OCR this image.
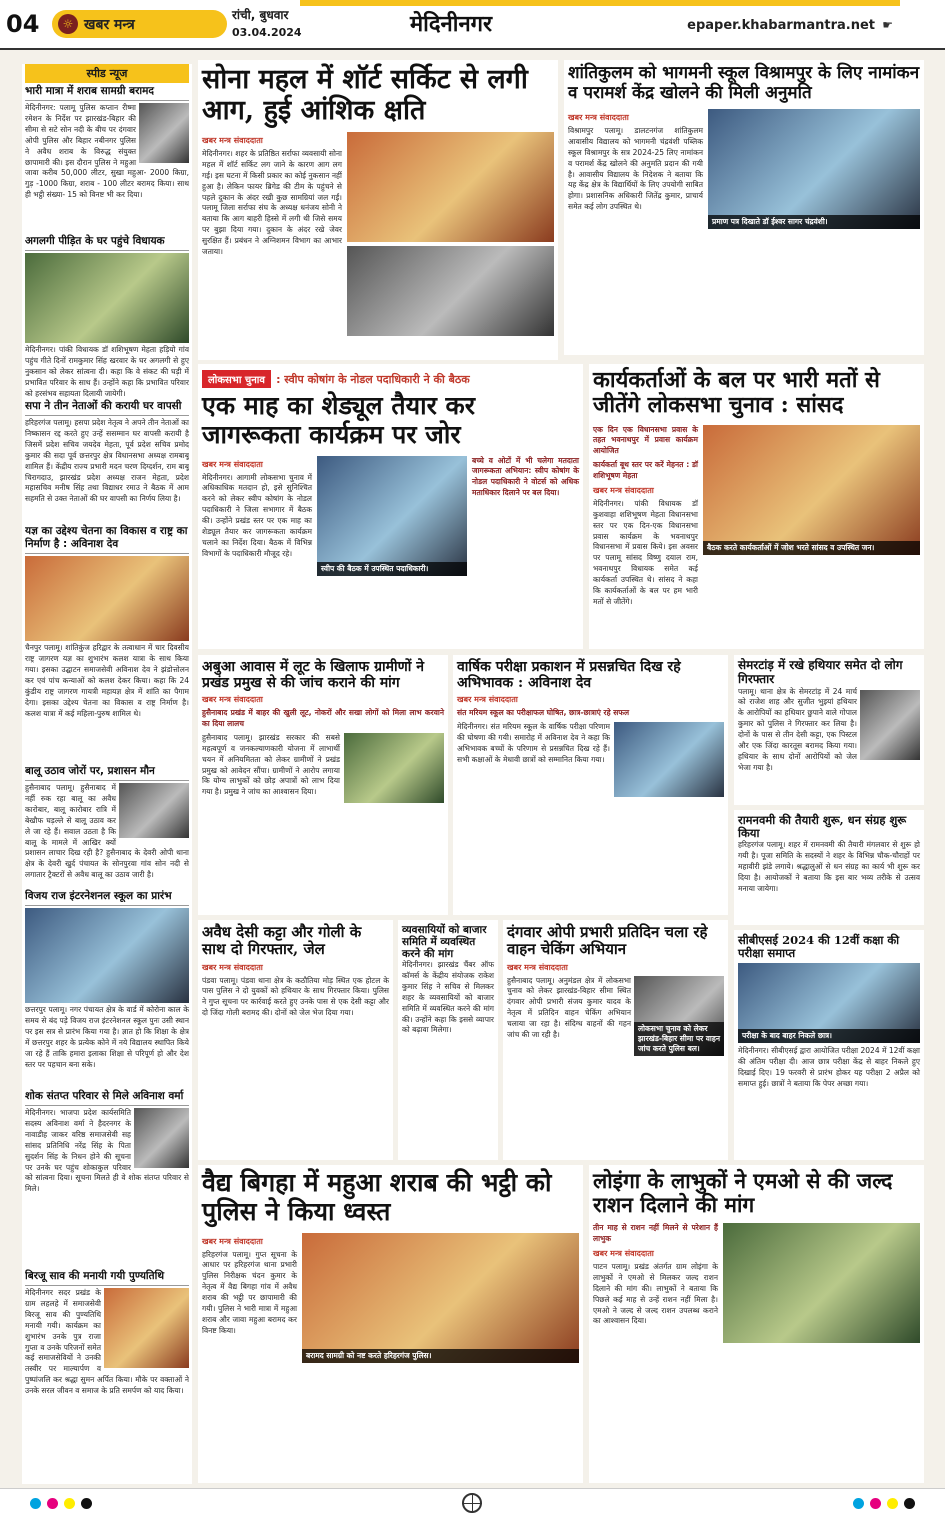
04	☼ खबर मन्त्र
रांची, बुधवार
03.04.2024	मेदिनीनगर	epaper.khabarmantra.net ☛
स्पीड न्यूज
भारी मात्रा में शराब सामग्री बरामद
मेदिनीनगर: पलामू पुलिस कप्तान रीष्मा रमेशन के निर्देश पर झारखंड-बिहार की सीमा से सटे सोन नदी के बीच पर दंगवार ओपी पुलिस और बिहार नबीनगर पुलिस ने अवैध शराब के विरुद्ध संयुक्त छापामारी की। इस दौरान पुलिस ने महुआ जावा करीब 50,000 लीटर, सुखा महुआ- 2000 किग्रा, गुड़ -1000 किग्रा, शराब - 100 लीटर बरामद किया। साथ ही भट्ठी संख्या- 15 को विनष्ट भी कर दिया।
अगलगी पीड़ित के घर पहुंचे विधायक
मेदिनीनगर। पांकी विधायक डॉ शशिभूषण मेहता हड़ियो गांव पहुंच गीते दिनों रामकुमार सिंह खरवार के घर अगलगी से हुए नुकसान को लेकर सांत्वना दी। कहा कि वे संकट की घड़ी में प्रभावित परिवार के साथ हैं। उन्होंने कहा कि प्रभावित परिवार को हरसंभव सहायता दिलायी जायेगी।
सपा ने तीन नेताओं की करायी घर वापसी
हरिहरगंज पलामू। हसपा प्रदेश नेतृत्व ने अपने तीन नेताओं का निष्कासन रद्द करते हुए उन्हें ससम्मान घर वापसी करायी है जिसमें प्रदेश सचिव जयदेव मेहता, पूर्व प्रदेश सचिव प्रमोद कुमार की सदा पूर्व छत्तरपुर क्षेत्र विधानसभा अध्यक्ष रामबाबू शामिल हैं। केंद्रीय राज्य प्रभारी मदन चरण दिग्दर्शन, राम बाबू चिरागदाउ, झारखंड प्रदेश अध्यक्ष राजन मेहता, प्रदेश महासचिव मनीष सिंह तथा विद्याधर रमाउ ने बैठक में आम सहमति से उक्त नेताओं की घर वापसी का निर्णय लिया है।
यज्ञ का उद्देश्य चेतना का विकास व राष्ट्र का निर्माण है : अविनाश देव
चैनपुर पलामू। शांतिकुंज हरिद्वार के तत्वाधान में चार दिवसीय राष्ट्र जागरण यज्ञ का शुभारंभ कलश यात्रा के साथ किया गया। इसका उद्घाटन समाजसेवी अविनाश देव ने झंडोत्तोलन कर एवं पांच कन्याओं को कलश देकर किया। कहा कि 24 कुंडीय राष्ट्र जागरण गायत्री महायज्ञ क्षेत्र में शांति का पैगाम देगा। इसका उद्देश्य चेतना का विकास व राष्ट्र निर्माण है। कलश यात्रा में कई महिला-पुरुष शामिल थे।
बालू उठाव जोरों पर, प्रशासन मौन
हुसैनाबाद पलामू। हुसैनाबाद में नहीं रुक रहा बालू का अवैध कारोबार, बालू कारोबार रात्रि में बेखौफ घड़ल्ले से बालू उठाव कर ले जा रहे हैं। सवाल उठता है कि बालू के मामले में आखिर क्यों प्रशासन लाचार दिख रही है? हुसैनाबाद के देवरी ओपी थाना क्षेत्र के देवरी खुर्द पंचायत के सोनपुरवा गांव सोन नदी से लगातार ट्रैक्टरों से अवैध बालू का उठाव जारी है।
विजय राज इंटरनेशनल स्कूल का प्रारंभ
छत्तरपुर पलामू। नगर पंचायत क्षेत्र के वार्ड में कोरोना काल के समय से बंद पड़े विजय राज इंटरनेशनल स्कूल पुनः उसी स्थान पर इस सत्र से प्रारंभ किया गया है। ज्ञात हो कि शिक्षा के क्षेत्र में छत्तरपुर शहर के प्रत्येक कोने में नये विद्यालय स्थापित किये जा रहे हैं ताकि हमारा इलाका शिक्षा से परिपूर्ण हो और देश स्तर पर पहचान बना सके।
शोक संतप्त परिवार से मिले अविनाश वर्मा
मेदिनीनगर। भाजपा प्रदेश कार्यसमिति सदस्य अविनाश वर्मा ने हैदरनगर के नावाडीह जाकर वरिष्ठ समाजसेवी सह सांसद प्रतिनिधि नरेंद्र सिंह के पिता सुदर्शन सिंह के निधन होने की सूचना पर उनके घर पहुंच शोकाकुल परिवार को सांत्वना दिया। सूचना मिलते ही वे शोक संतप्त परिवार से मिले।
बिरजू साव की मनायी गयी पुण्यतिथि
मेदिनीनगर सदर प्रखंड के ग्राम लहलहे में समाजसेवी बिरजू साव की पुण्यतिथि मनायी गयी। कार्यक्रम का शुभारंभ उनके पुत्र राजा गुप्ता व उनके परिजनों समेत कई समाजसेवियों ने उनकी तस्वीर पर माल्यार्पण व पुष्पांजलि कर श्रद्धा सुमन अर्पित किया। मौके पर वक्ताओं ने उनके सरल जीवन व समाज के प्रति समर्पण को याद किया।
सोना महल में शॉर्ट सर्किट से लगी आग, हुई आंशिक क्षति
खबर मन्त्र संवाददाता
मेदिनीनगर। शहर के प्रतिष्ठित सर्राफा व्यवसायी सोना महल में शॉर्ट सर्किट लग जाने के कारण आग लग गई। इस घटना में किसी प्रकार का कोई नुकसान नहीं हुआ है। लेकिन फायर ब्रिगेड की टीम के पहुंचने से पहले दुकान के अंदर रखी कुछ सामग्रियां जल गईं। पलामू जिला सर्राफा संघ के अध्यक्ष धनंजय सोनी ने बताया कि आग बाहरी हिस्से में लगी थी जिसे समय पर बुझा दिया गया। दुकान के अंदर रखे जेवर सुरक्षित हैं। प्रबंधन ने अग्निशमन विभाग का आभार जताया।
शांतिकुलम को भागमनी स्कूल विश्रामपुर के लिए नामांकन व परामर्श केंद्र खोलने की मिली अनुमति
खबर मन्त्र संवाददाता
विश्रामपुर पलामू। डालटनगंज शांतिकुलम आवासीय विद्यालय को भागमनी चंद्रवंशी पब्लिक स्कूल विश्रामपुर के सत्र 2024-25 लिए नामांकन व परामर्श केंद्र खोलने की अनुमति प्रदान की गयी है। आवासीय विद्यालय के निदेशक ने बताया कि यह केंद्र क्षेत्र के विद्यार्थियों के लिए उपयोगी साबित होगा। प्रशासनिक अधिकारी जितेंद्र कुमार, प्राचार्य समेत कई लोग उपस्थित थे।
प्रमाण पत्र दिखाते डॉ ईश्वर सागर चंद्रवंशी।
लोकसभा चुनाव : स्वीप कोषांग के नोडल पदाधिकारी ने की बैठक
एक माह का शेड्यूल तैयार कर जागरूकता कार्यक्रम पर जोर
खबर मन्त्र संवाददाता
मेदिनीनगर। आगामी लोकसभा चुनाव में अधिकाधिक मतदान हो, इसे सुनिश्चित करने को लेकर स्वीप कोषांग के नोडल पदाधिकारी ने जिला सभागार में बैठक की। उन्होंने प्रखंड स्तर पर एक माह का शेड्यूल तैयार कर जागरूकता कार्यक्रम चलाने का निर्देश दिया। बैठक में विभिन्न विभागों के पदाधिकारी मौजूद रहे।
स्वीप की बैठक में उपस्थित पदाधिकारी।
बच्चे व ओटों में भी चलेगा मतदाता जागरूकता अभियान: स्वीप कोषांग के नोडल पदाधिकारी ने वोटर्स को अधिक मताधिकार दिलाने पर बल दिया।
कार्यकर्ताओं के बल पर भारी मतों से जीतेंगे लोकसभा चुनाव : सांसद
एक दिन एक विधानसभा प्रवास के तहत भवनाथपुर में प्रवास कार्यक्रम आयोजित
कार्यकर्ता बूथ स्तर पर करें मेहनत : डॉ शशिभूषण मेहता
खबर मन्त्र संवाददाता
मेदिनीनगर। पांकी विधायक डॉ कुशवाहा शशिभूषण मेहता विधानसभा स्तर पर एक दिन-एक विधानसभा प्रवास कार्यक्रम के भवनाथपुर विधानसभा में प्रवास किये। इस अवसर पर पलामू सांसद विष्णु दयाल राम, भवनाथपुर विधायक समेत कई कार्यकर्ता उपस्थित थे। सांसद ने कहा कि कार्यकर्ताओं के बल पर हम भारी मतों से जीतेंगे।
बैठक करते कार्यकर्ताओं में जोश भरते सांसद व उपस्थित जन।
अबुआ आवास में लूट के खिलाफ ग्रामीणों ने प्रखंड प्रमुख से की जांच कराने की मांग
खबर मन्त्र संवाददाता
हुसैनाबाद प्रखंड में बाहर की खुली लूट, नोकरों और सखा लोगों को मिला लाभ करवाने का दिया लालच
हुसैनाबाद पलामू। झारखंड सरकार की सबसे महत्वपूर्ण व जनकल्याणकारी योजना में लाभार्थी चयन में अनियमितता को लेकर ग्रामीणों ने प्रखंड प्रमुख को आवेदन सौंपा। ग्रामीणों ने आरोप लगाया कि योग्य लाभुकों को छोड़ अपात्रों को लाभ दिया गया है। प्रमुख ने जांच का आश्वासन दिया।
वार्षिक परीक्षा प्रकाशन में प्रसन्नचित दिख रहे अभिभावक : अविनाश देव
खबर मन्त्र संवाददाता
संत मरियम स्कूल का परीक्षाफल घोषित, छात्र-छात्राएं रहे सफल
मेदिनीनगर। संत मरियम स्कूल के वार्षिक परीक्षा परिणाम की घोषणा की गयी। समारोह में अविनाश देव ने कहा कि अभिभावक बच्चों के परिणाम से प्रसन्नचित दिख रहे हैं। सभी कक्षाओं के मेधावी छात्रों को सम्मानित किया गया।
सेमरटांड़ में रखे हथियार समेत दो लोग गिरफ्तार
पलामू। थाना क्षेत्र के सेमरटांड़ में 24 मार्च को राजेश शाह और सुजीत भुइयां हथियार के आरोपियों का हथियार छुपाने वाले गोपाल कुमार को पुलिस ने गिरफ्तार कर लिया है। दोनों के पास से तीन देसी कट्टा, एक पिस्टल और एक जिंदा कारतूस बरामद किया गया। हथियार के साथ दोनों आरोपियों को जेल भेजा गया है।
रामनवमी की तैयारी शुरू, धन संग्रह शुरू किया
हरिहरगंज पलामू। शहर में रामनवमी की तैयारी मंगलवार से शुरू हो गयी है। पूजा समिति के सदस्यों ने शहर के विभिन्न चौक-चौराहों पर महावीरी झंडे लगाये। श्रद्धालुओं से धन संग्रह का कार्य भी शुरू कर दिया है। आयोजकों ने बताया कि इस बार भव्य तरीके से उत्सव मनाया जायेगा।
सीबीएसई 2024 की 12वीं कक्षा की परीक्षा समाप्त
परीक्षा के बाद बाहर निकले छात्र।
मेदिनीनगर। सीबीएसई द्वारा आयोजित परीक्षा 2024 में 12वीं कक्षा की अंतिम परीक्षा दी। आज छात्र परीक्षा केंद्र से बाहर निकले हुए दिखाई दिए। 19 फरवरी से प्रारंभ होकर यह परीक्षा 2 अप्रैल को समाप्त हुई। छात्रों ने बताया कि पेपर अच्छा गया।
अवैध देसी कट्टा और गोली के साथ दो गिरफ्तार, जेल
खबर मन्त्र संवाददाता
पंडवा पलामू। पंडवा थाना क्षेत्र के कठौतिया मोड़ स्थित एक होटल के पास पुलिस ने दो युवकों को हथियार के साथ गिरफ्तार किया। पुलिस ने गुप्त सूचना पर कार्रवाई करते हुए उनके पास से एक देसी कट्टा और दो जिंदा गोली बरामद की। दोनों को जेल भेज दिया गया।
व्यवसायियों को बाजार समिति में व्यवस्थित करने की मांग
मेदिनीनगर। झारखंड चैंबर ऑफ कॉमर्स के केंद्रीय संयोजक राकेश कुमार सिंह ने सचिव से मिलकर शहर के व्यवसायियों को बाजार समिति में व्यवस्थित करने की मांग की। उन्होंने कहा कि इससे व्यापार को बढ़ावा मिलेगा।
दंगवार ओपी प्रभारी प्रतिदिन चला रहे वाहन चेकिंग अभियान
खबर मन्त्र संवाददाता
लोकसभा चुनाव को लेकर झारखंड-बिहार सीमा पर वाहन जांच करते पुलिस बल।
हुसैनाबाद पलामू। अनुमंडल क्षेत्र में लोकसभा चुनाव को लेकर झारखंड-बिहार सीमा स्थित दंगवार ओपी प्रभारी संजय कुमार यादव के नेतृत्व में प्रतिदिन वाहन चेकिंग अभियान चलाया जा रहा है। संदिग्ध वाहनों की गहन जांच की जा रही है।
वैद्य बिगहा में महुआ शराब की भट्ठी को पुलिस ने किया ध्वस्त
खबर मन्त्र संवाददाता
हरिहरगंज पलामू। गुप्त सूचना के आधार पर हरिहरगंज थाना प्रभारी पुलिस निरीक्षक चंदन कुमार के नेतृत्व में वैद्य बिगहा गांव में अवैध शराब की भट्ठी पर छापामारी की गयी। पुलिस ने भारी मात्रा में महुआ शराब और जावा महुआ बरामद कर विनष्ट किया।
बरामद सामग्री को नष्ट करते हरिहरगंज पुलिस।
लोइंगा के लाभुकों ने एमओ से की जल्द राशन दिलाने की मांग
तीन माह से राशन नहीं मिलने से परेशान हैं लाभुक
खबर मन्त्र संवाददाता
पाटन पलामू। प्रखंड अंतर्गत ग्राम लोइंगा के लाभुकों ने एमओ से मिलकर जल्द राशन दिलाने की मांग की। लाभुकों ने बताया कि पिछले कई माह से उन्हें राशन नहीं मिला है। एमओ ने जल्द से जल्द राशन उपलब्ध कराने का आश्वासन दिया।
